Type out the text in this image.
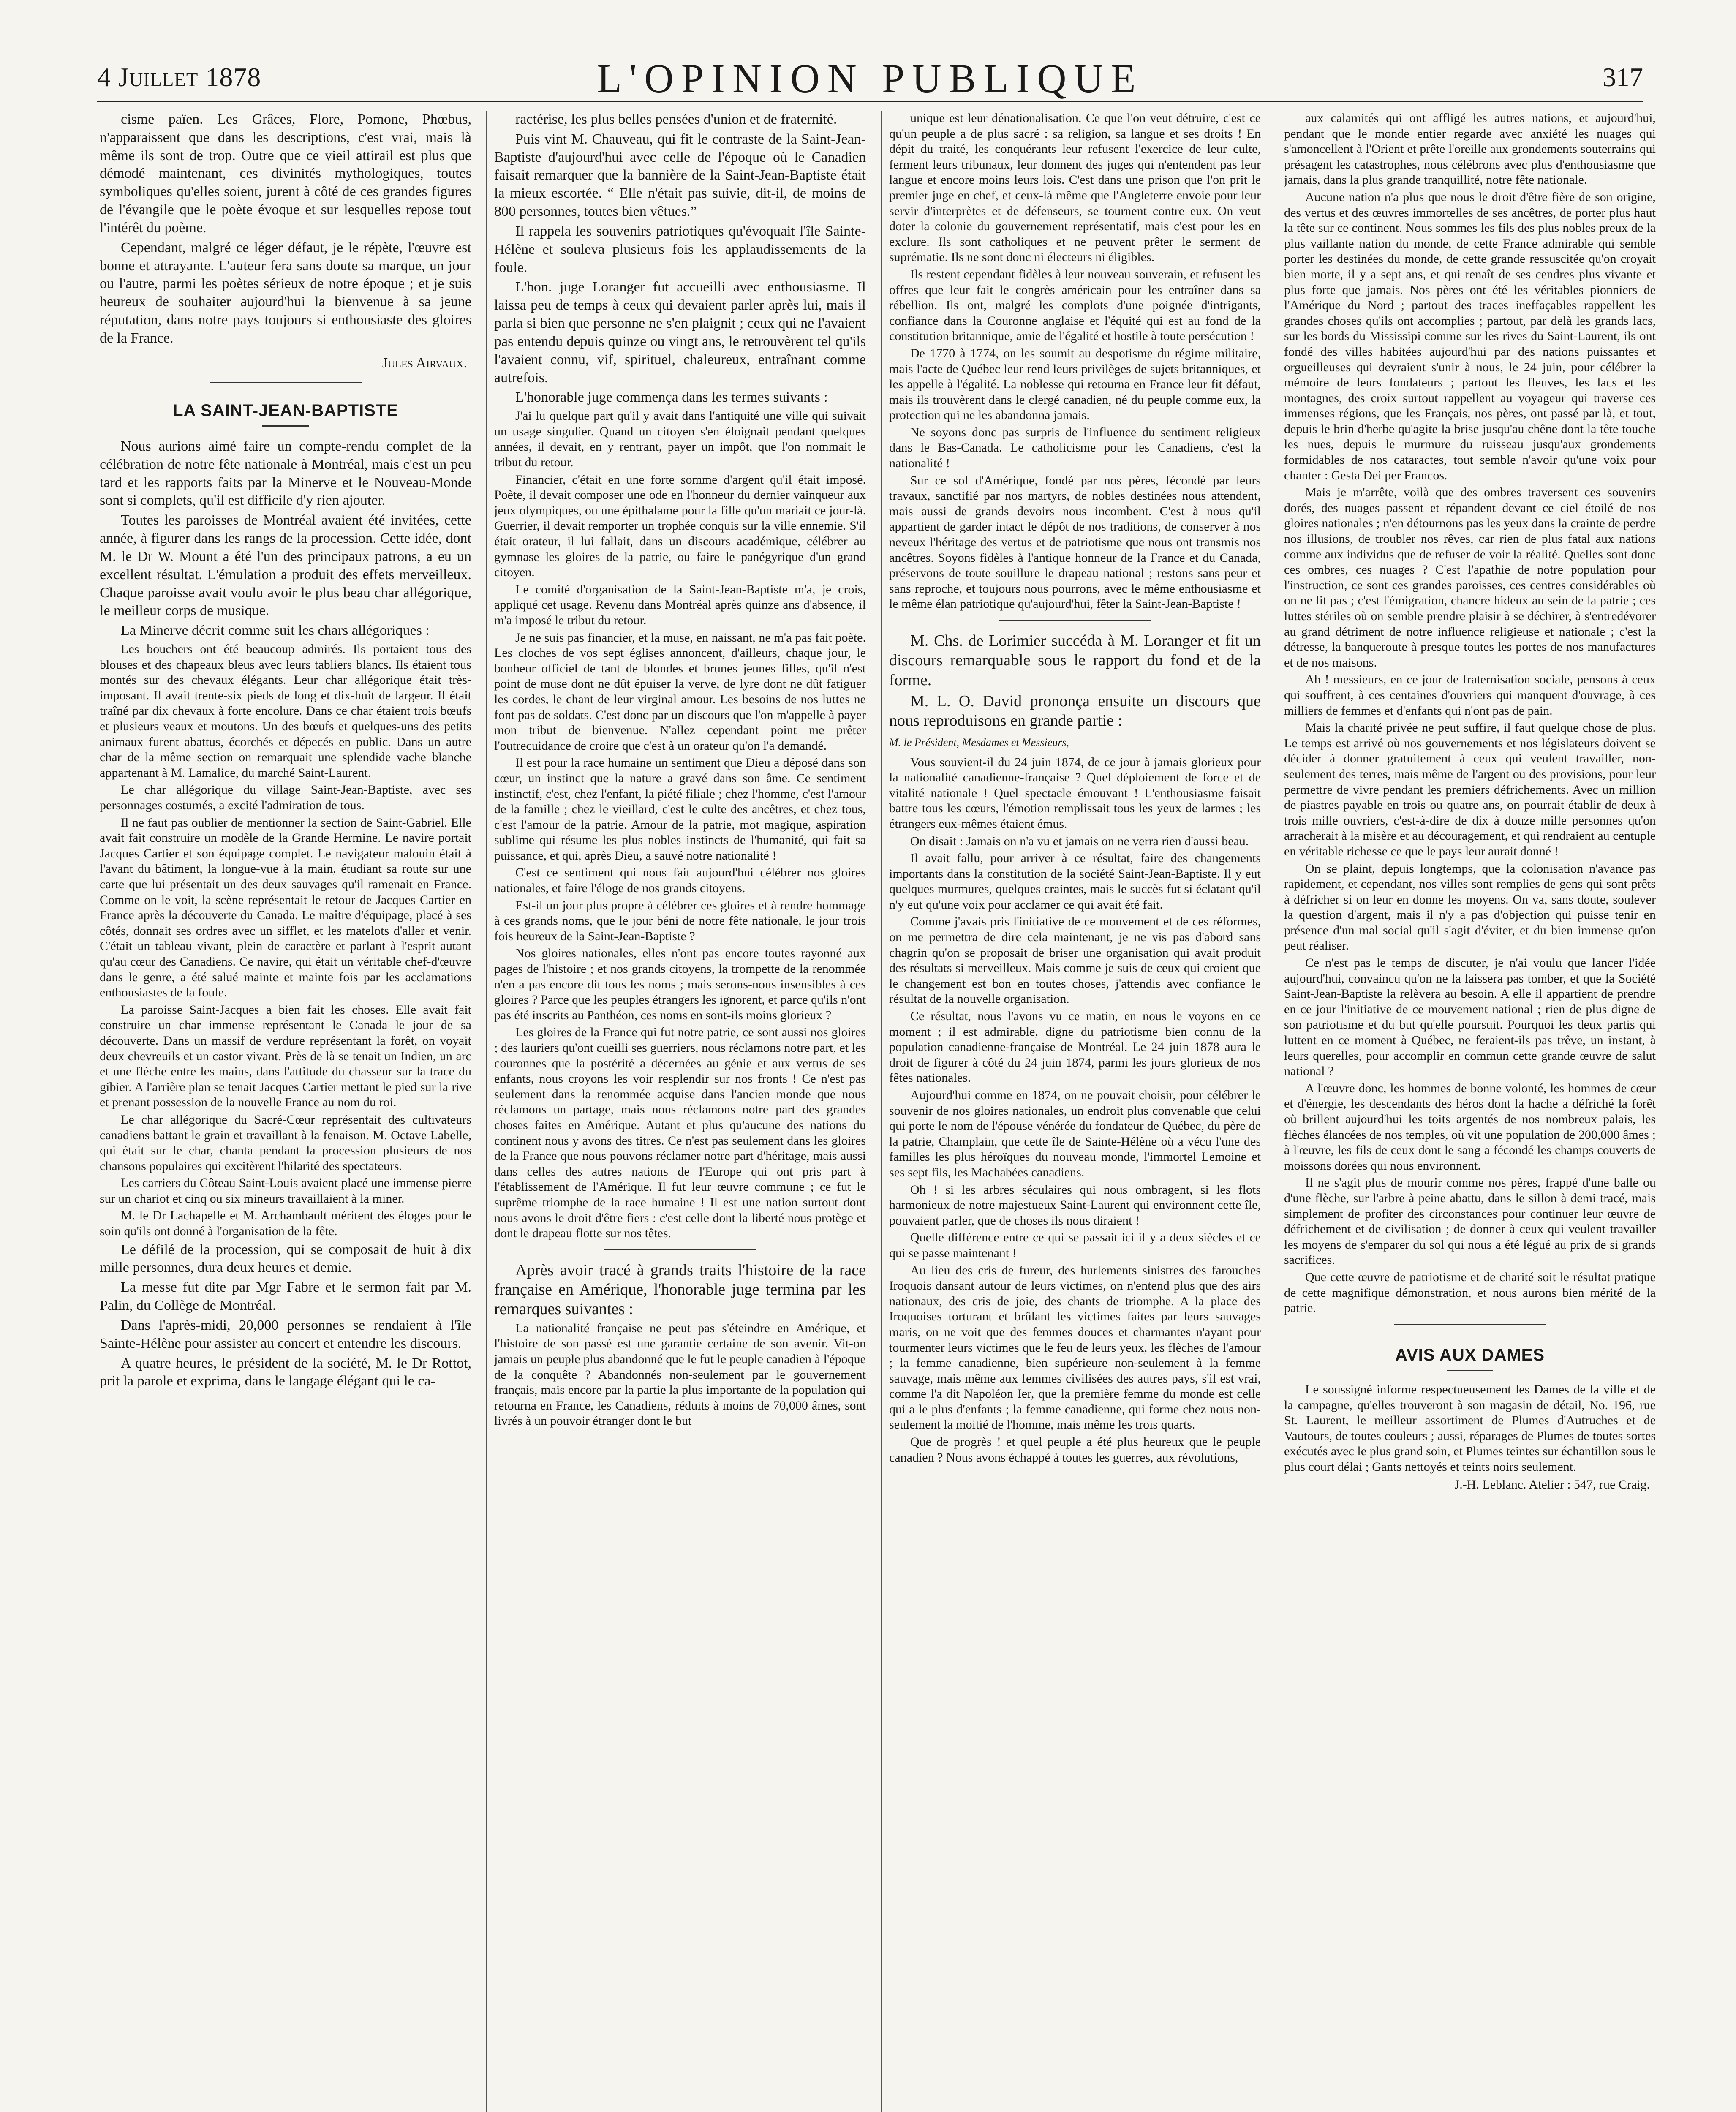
4 Juillet 1878	L'OPINION PUBLIQUE	317

cisme païen. Les Grâces, Flore, Pomone, Phœbus, n'apparaissent que dans les descriptions, c'est vrai, mais là même ils sont de trop. Outre que ce vieil attirail est plus que démodé maintenant, ces divinités mythologiques, toutes symboliques qu'elles soient, jurent à côté de ces grandes figures de l'évangile que le poète évoque et sur lesquelles repose tout l'intérêt du poème.

Cependant, malgré ce léger défaut, je le répète, l'œuvre est bonne et attrayante. L'auteur fera sans doute sa marque, un jour ou l'autre, parmi les poètes sérieux de notre époque ; et je suis heureux de souhaiter aujourd'hui la bienvenue à sa jeune réputation, dans notre pays toujours si enthousiaste des gloires de la France.

Jules Airvaux.
LA SAINT-JEAN-BAPTISTE

Nous aurions aimé faire un compte-rendu complet de la célébration de notre fête nationale à Montréal, mais c'est un peu tard et les rapports faits par la Minerve et le Nouveau-Monde sont si complets, qu'il est difficile d'y rien ajouter.

Toutes les paroisses de Montréal avaient été invitées, cette année, à figurer dans les rangs de la procession. Cette idée, dont M. le Dr W. Mount a été l'un des principaux patrons, a eu un excellent résultat. L'émulation a produit des effets merveilleux. Chaque paroisse avait voulu avoir le plus beau char allégorique, le meilleur corps de musique.

La Minerve décrit comme suit les chars allégoriques :

Les bouchers ont été beaucoup admirés. Ils portaient tous des blouses et des chapeaux bleus avec leurs tabliers blancs. Ils étaient tous montés sur des chevaux élégants. Leur char allégorique était très-imposant. Il avait trente-six pieds de long et dix-huit de largeur. Il était traîné par dix chevaux à forte encolure. Dans ce char étaient trois bœufs et plusieurs veaux et moutons. Un des bœufs et quelques-uns des petits animaux furent abattus, écorchés et dépecés en public. Dans un autre char de la même section on remarquait une splendide vache blanche appartenant à M. Lamalice, du marché Saint-Laurent.

Le char allégorique du village Saint-Jean-Baptiste, avec ses personnages costumés, a excité l'admiration de tous.

Il ne faut pas oublier de mentionner la section de Saint-Gabriel. Elle avait fait construire un modèle de la Grande Hermine. Le navire portait Jacques Cartier et son équipage complet. Le navigateur malouin était à l'avant du bâtiment, la longue-vue à la main, étudiant sa route sur une carte que lui présentait un des deux sauvages qu'il ramenait en France. Comme on le voit, la scène représentait le retour de Jacques Cartier en France après la découverte du Canada. Le maître d'équipage, placé à ses côtés, donnait ses ordres avec un sifflet, et les matelots d'aller et venir. C'était un tableau vivant, plein de caractère et parlant à l'esprit autant qu'au cœur des Canadiens. Ce navire, qui était un véritable chef-d'œuvre dans le genre, a été salué mainte et mainte fois par les acclamations enthousiastes de la foule.

La paroisse Saint-Jacques a bien fait les choses. Elle avait fait construire un char immense représentant le Canada le jour de sa découverte. Dans un massif de verdure représentant la forêt, on voyait deux chevreuils et un castor vivant. Près de là se tenait un Indien, un arc et une flèche entre les mains, dans l'attitude du chasseur sur la trace du gibier. A l'arrière plan se tenait Jacques Cartier mettant le pied sur la rive et prenant possession de la nouvelle France au nom du roi.

Le char allégorique du Sacré-Cœur représentait des cultivateurs canadiens battant le grain et travaillant à la fenaison. M. Octave Labelle, qui était sur le char, chanta pendant la procession plusieurs de nos chansons populaires qui excitèrent l'hilarité des spectateurs.

Les carriers du Côteau Saint-Louis avaient placé une immense pierre sur un chariot et cinq ou six mineurs travaillaient à la miner.

M. le Dr Lachapelle et M. Archambault méritent des éloges pour le soin qu'ils ont donné à l'organisation de la fête.

Le défilé de la procession, qui se composait de huit à dix mille personnes, dura deux heures et demie.

La messe fut dite par Mgr Fabre et le sermon fait par M. Palin, du Collège de Montréal.

Dans l'après-midi, 20,000 personnes se rendaient à l'île Sainte-Hélène pour assister au concert et entendre les discours.

A quatre heures, le président de la société, M. le Dr Rottot, prit la parole et exprima, dans le langage élégant qui le ca-

ractérise, les plus belles pensées d'union et de fraternité.

Puis vint M. Chauveau, qui fit le contraste de la Saint-Jean-Baptiste d'aujourd'hui avec celle de l'époque où le Canadien faisait remarquer que la bannière de la Saint-Jean-Baptiste était la mieux escortée. “ Elle n'était pas suivie, dit-il, de moins de 800 personnes, toutes bien vêtues.”

Il rappela les souvenirs patriotiques qu'évoquait l'île Sainte-Hélène et souleva plusieurs fois les applaudissements de la foule.

L'hon. juge Loranger fut accueilli avec enthousiasme. Il laissa peu de temps à ceux qui devaient parler après lui, mais il parla si bien que personne ne s'en plaignit ; ceux qui ne l'avaient pas entendu depuis quinze ou vingt ans, le retrouvèrent tel qu'ils l'avaient connu, vif, spirituel, chaleureux, entraînant comme autrefois.

L'honorable juge commença dans les termes suivants :

J'ai lu quelque part qu'il y avait dans l'antiquité une ville qui suivait un usage singulier. Quand un citoyen s'en éloignait pendant quelques années, il devait, en y rentrant, payer un impôt, que l'on nommait le tribut du retour.

Financier, c'était en une forte somme d'argent qu'il était imposé. Poète, il devait composer une ode en l'honneur du dernier vainqueur aux jeux olympiques, ou une épithalame pour la fille qu'un mariait ce jour-là. Guerrier, il devait remporter un trophée conquis sur la ville ennemie. S'il était orateur, il lui fallait, dans un discours académique, célébrer au gymnase les gloires de la patrie, ou faire le panégyrique d'un grand citoyen.

Le comité d'organisation de la Saint-Jean-Baptiste m'a, je crois, appliqué cet usage. Revenu dans Montréal après quinze ans d'absence, il m'a imposé le tribut du retour.

Je ne suis pas financier, et la muse, en naissant, ne m'a pas fait poète. Les cloches de vos sept églises annoncent, d'ailleurs, chaque jour, le bonheur officiel de tant de blondes et brunes jeunes filles, qu'il n'est point de muse dont ne dût épuiser la verve, de lyre dont ne dût fatiguer les cordes, le chant de leur virginal amour. Les besoins de nos luttes ne font pas de soldats. C'est donc par un discours que l'on m'appelle à payer mon tribut de bienvenue. N'allez cependant point me prêter l'outrecuidance de croire que c'est à un orateur qu'on l'a demandé.

Il est pour la race humaine un sentiment que Dieu a déposé dans son cœur, un instinct que la nature a gravé dans son âme. Ce sentiment instinctif, c'est, chez l'enfant, la piété filiale ; chez l'homme, c'est l'amour de la famille ; chez le vieillard, c'est le culte des ancêtres, et chez tous, c'est l'amour de la patrie. Amour de la patrie, mot magique, aspiration sublime qui résume les plus nobles instincts de l'humanité, qui fait sa puissance, et qui, après Dieu, a sauvé notre nationalité !

C'est ce sentiment qui nous fait aujourd'hui célébrer nos gloires nationales, et faire l'éloge de nos grands citoyens.

Est-il un jour plus propre à célébrer ces gloires et à rendre hommage à ces grands noms, que le jour béni de notre fête nationale, le jour trois fois heureux de la Saint-Jean-Baptiste ?

Nos gloires nationales, elles n'ont pas encore toutes rayonné aux pages de l'histoire ; et nos grands citoyens, la trompette de la renommée n'en a pas encore dit tous les noms ; mais serons-nous insensibles à ces gloires ? Parce que les peuples étrangers les ignorent, et parce qu'ils n'ont pas été inscrits au Panthéon, ces noms en sont-ils moins glorieux ?

Les gloires de la France qui fut notre patrie, ce sont aussi nos gloires ; des lauriers qu'ont cueilli ses guerriers, nous réclamons notre part, et les couronnes que la postérité a décernées au génie et aux vertus de ses enfants, nous croyons les voir resplendir sur nos fronts ! Ce n'est pas seulement dans la renommée acquise dans l'ancien monde que nous réclamons un partage, mais nous réclamons notre part des grandes choses faites en Amérique. Autant et plus qu'aucune des nations du continent nous y avons des titres. Ce n'est pas seulement dans les gloires de la France que nous pouvons réclamer notre part d'héritage, mais aussi dans celles des autres nations de l'Europe qui ont pris part à l'établissement de l'Amérique. Il fut leur œuvre commune ; ce fut le suprême triomphe de la race humaine ! Il est une nation surtout dont nous avons le droit d'être fiers : c'est celle dont la liberté nous protège et dont le drapeau flotte sur nos têtes.

Après avoir tracé à grands traits l'histoire de la race française en Amérique, l'honorable juge termina par les remarques suivantes :

La nationalité française ne peut pas s'éteindre en Amérique, et l'histoire de son passé est une garantie certaine de son avenir. Vit-on jamais un peuple plus abandonné que le fut le peuple canadien à l'époque de la conquête ? Abandonnés non-seulement par le gouvernement français, mais encore par la partie la plus importante de la population qui retourna en France, les Canadiens, réduits à moins de 70,000 âmes, sont livrés à un pouvoir étranger dont le but

unique est leur dénationalisation. Ce que l'on veut détruire, c'est ce qu'un peuple a de plus sacré : sa religion, sa langue et ses droits ! En dépit du traité, les conquérants leur refusent l'exercice de leur culte, ferment leurs tribunaux, leur donnent des juges qui n'entendent pas leur langue et encore moins leurs lois. C'est dans une prison que l'on prit le premier juge en chef, et ceux-là même que l'Angleterre envoie pour leur servir d'interprètes et de défenseurs, se tournent contre eux. On veut doter la colonie du gouvernement représentatif, mais c'est pour les en exclure. Ils sont catholiques et ne peuvent prêter le serment de suprématie. Ils ne sont donc ni électeurs ni éligibles.

Ils restent cependant fidèles à leur nouveau souverain, et refusent les offres que leur fait le congrès américain pour les entraîner dans sa rébellion. Ils ont, malgré les complots d'une poignée d'intrigants, confiance dans la Couronne anglaise et l'équité qui est au fond de la constitution britannique, amie de l'égalité et hostile à toute persécution !

De 1770 à 1774, on les soumit au despotisme du régime militaire, mais l'acte de Québec leur rend leurs privilèges de sujets britanniques, et les appelle à l'égalité. La noblesse qui retourna en France leur fit défaut, mais ils trouvèrent dans le clergé canadien, né du peuple comme eux, la protection qui ne les abandonna jamais.

Ne soyons donc pas surpris de l'influence du sentiment religieux dans le Bas-Canada. Le catholicisme pour les Canadiens, c'est la nationalité !

Sur ce sol d'Amérique, fondé par nos pères, fécondé par leurs travaux, sanctifié par nos martyrs, de nobles destinées nous attendent, mais aussi de grands devoirs nous incombent. C'est à nous qu'il appartient de garder intact le dépôt de nos traditions, de conserver à nos neveux l'héritage des vertus et de patriotisme que nous ont transmis nos ancêtres. Soyons fidèles à l'antique honneur de la France et du Canada, préservons de toute souillure le drapeau national ; restons sans peur et sans reproche, et toujours nous pourrons, avec le même enthousiasme et le même élan patriotique qu'aujourd'hui, fêter la Saint-Jean-Baptiste !

M. Chs. de Lorimier succéda à M. Loranger et fit un discours remarquable sous le rapport du fond et de la forme.

M. L. O. David prononça ensuite un discours que nous reproduisons en grande partie :

M. le Président, Mesdames et Messieurs,

Vous souvient-il du 24 juin 1874, de ce jour à jamais glorieux pour la nationalité canadienne-française ? Quel déploiement de force et de vitalité nationale ! Quel spectacle émouvant ! L'enthousiasme faisait battre tous les cœurs, l'émotion remplissait tous les yeux de larmes ; les étrangers eux-mêmes étaient émus.

On disait : Jamais on n'a vu et jamais on ne verra rien d'aussi beau.

Il avait fallu, pour arriver à ce résultat, faire des changements importants dans la constitution de la société Saint-Jean-Baptiste. Il y eut quelques murmures, quelques craintes, mais le succès fut si éclatant qu'il n'y eut qu'une voix pour acclamer ce qui avait été fait.

Comme j'avais pris l'initiative de ce mouvement et de ces réformes, on me permettra de dire cela maintenant, je ne vis pas d'abord sans chagrin qu'on se proposait de briser une organisation qui avait produit des résultats si merveilleux. Mais comme je suis de ceux qui croient que le changement est bon en toutes choses, j'attendis avec confiance le résultat de la nouvelle organisation.

Ce résultat, nous l'avons vu ce matin, en nous le voyons en ce moment ; il est admirable, digne du patriotisme bien connu de la population canadienne-française de Montréal. Le 24 juin 1878 aura le droit de figurer à côté du 24 juin 1874, parmi les jours glorieux de nos fêtes nationales.

Aujourd'hui comme en 1874, on ne pouvait choisir, pour célébrer le souvenir de nos gloires nationales, un endroit plus convenable que celui qui porte le nom de l'épouse vénérée du fondateur de Québec, du père de la patrie, Champlain, que cette île de Sainte-Hélène où a vécu l'une des familles les plus héroïques du nouveau monde, l'immortel Lemoine et ses sept fils, les Machabées canadiens.

Oh ! si les arbres séculaires qui nous ombragent, si les flots harmonieux de notre majestueux Saint-Laurent qui environnent cette île, pouvaient parler, que de choses ils nous diraient !

Quelle différence entre ce qui se passait ici il y a deux siècles et ce qui se passe maintenant !

Au lieu des cris de fureur, des hurlements sinistres des farouches Iroquois dansant autour de leurs victimes, on n'entend plus que des airs nationaux, des cris de joie, des chants de triomphe. A la place des Iroquoises torturant et brûlant les victimes faites par leurs sauvages maris, on ne voit que des femmes douces et charmantes n'ayant pour tourmenter leurs victimes que le feu de leurs yeux, les flèches de l'amour ; la femme canadienne, bien supérieure non-seulement à la femme sauvage, mais même aux femmes civilisées des autres pays, s'il est vrai, comme l'a dit Napoléon Ier, que la première femme du monde est celle qui a le plus d'enfants ; la femme canadienne, qui forme chez nous non-seulement la moitié de l'homme, mais même les trois quarts.

Que de progrès ! et quel peuple a été plus heureux que le peuple canadien ? Nous avons échappé à toutes les guerres, aux révolutions,

aux calamités qui ont affligé les autres nations, et aujourd'hui, pendant que le monde entier regarde avec anxiété les nuages qui s'amoncellent à l'Orient et prête l'oreille aux grondements souterrains qui présagent les catastrophes, nous célébrons avec plus d'enthousiasme que jamais, dans la plus grande tranquillité, notre fête nationale.

Aucune nation n'a plus que nous le droit d'être fière de son origine, des vertus et des œuvres immortelles de ses ancêtres, de porter plus haut la tête sur ce continent. Nous sommes les fils des plus nobles preux de la plus vaillante nation du monde, de cette France admirable qui semble porter les destinées du monde, de cette grande ressuscitée qu'on croyait bien morte, il y a sept ans, et qui renaît de ses cendres plus vivante et plus forte que jamais. Nos pères ont été les véritables pionniers de l'Amérique du Nord ; partout des traces ineffaçables rappellent les grandes choses qu'ils ont accomplies ; partout, par delà les grands lacs, sur les bords du Mississipi comme sur les rives du Saint-Laurent, ils ont fondé des villes habitées aujourd'hui par des nations puissantes et orgueilleuses qui devraient s'unir à nous, le 24 juin, pour célébrer la mémoire de leurs fondateurs ; partout les fleuves, les lacs et les montagnes, des croix surtout rappellent au voyageur qui traverse ces immenses régions, que les Français, nos pères, ont passé par là, et tout, depuis le brin d'herbe qu'agite la brise jusqu'au chêne dont la tête touche les nues, depuis le murmure du ruisseau jusqu'aux grondements formidables de nos cataractes, tout semble n'avoir qu'une voix pour chanter : Gesta Dei per Francos.

Mais je m'arrête, voilà que des ombres traversent ces souvenirs dorés, des nuages passent et répandent devant ce ciel étoilé de nos gloires nationales ; n'en détournons pas les yeux dans la crainte de perdre nos illusions, de troubler nos rêves, car rien de plus fatal aux nations comme aux individus que de refuser de voir la réalité. Quelles sont donc ces ombres, ces nuages ? C'est l'apathie de notre population pour l'instruction, ce sont ces grandes paroisses, ces centres considérables où on ne lit pas ; c'est l'émigration, chancre hideux au sein de la patrie ; ces luttes stériles où on semble prendre plaisir à se déchirer, à s'entredévorer au grand détriment de notre influence religieuse et nationale ; c'est la détresse, la banqueroute à presque toutes les portes de nos manufactures et de nos maisons.

Ah ! messieurs, en ce jour de fraternisation sociale, pensons à ceux qui souffrent, à ces centaines d'ouvriers qui manquent d'ouvrage, à ces milliers de femmes et d'enfants qui n'ont pas de pain.

Mais la charité privée ne peut suffire, il faut quelque chose de plus. Le temps est arrivé où nos gouvernements et nos législateurs doivent se décider à donner gratuitement à ceux qui veulent travailler, non-seulement des terres, mais même de l'argent ou des provisions, pour leur permettre de vivre pendant les premiers défrichements. Avec un million de piastres payable en trois ou quatre ans, on pourrait établir de deux à trois mille ouvriers, c'est-à-dire de dix à douze mille personnes qu'on arracherait à la misère et au découragement, et qui rendraient au centuple en véritable richesse ce que le pays leur aurait donné !

On se plaint, depuis longtemps, que la colonisation n'avance pas rapidement, et cependant, nos villes sont remplies de gens qui sont prêts à défricher si on leur en donne les moyens. On va, sans doute, soulever la question d'argent, mais il n'y a pas d'objection qui puisse tenir en présence d'un mal social qu'il s'agit d'éviter, et du bien immense qu'on peut réaliser.

Ce n'est pas le temps de discuter, je n'ai voulu que lancer l'idée aujourd'hui, convaincu qu'on ne la laissera pas tomber, et que la Société Saint-Jean-Baptiste la relèvera au besoin. A elle il appartient de prendre en ce jour l'initiative de ce mouvement national ; rien de plus digne de son patriotisme et du but qu'elle poursuit. Pourquoi les deux partis qui luttent en ce moment à Québec, ne feraient-ils pas trêve, un instant, à leurs querelles, pour accomplir en commun cette grande œuvre de salut national ?

A l'œuvre donc, les hommes de bonne volonté, les hommes de cœur et d'énergie, les descendants des héros dont la hache a défriché la forêt où brillent aujourd'hui les toits argentés de nos nombreux palais, les flèches élancées de nos temples, où vit une population de 200,000 âmes ; à l'œuvre, les fils de ceux dont le sang a fécondé les champs couverts de moissons dorées qui nous environnent.

Il ne s'agit plus de mourir comme nos pères, frappé d'une balle ou d'une flèche, sur l'arbre à peine abattu, dans le sillon à demi tracé, mais simplement de profiter des circonstances pour continuer leur œuvre de défrichement et de civilisation ; de donner à ceux qui veulent travailler les moyens de s'emparer du sol qui nous a été légué au prix de si grands sacrifices.

Que cette œuvre de patriotisme et de charité soit le résultat pratique de cette magnifique démonstration, et nous aurons bien mérité de la patrie.

AVIS AUX DAMES

Le soussigné informe respectueusement les Dames de la ville et de la campagne, qu'elles trouveront à son magasin de détail, No. 196, rue St. Laurent, le meilleur assortiment de Plumes d'Autruches et de Vautours, de toutes couleurs ; aussi, réparages de Plumes de toutes sortes exécutés avec le plus grand soin, et Plumes teintes sur échantillon sous le plus court délai ; Gants nettoyés et teints noirs seulement.

J.-H. Leblanc. Atelier : 547, rue Craig.
